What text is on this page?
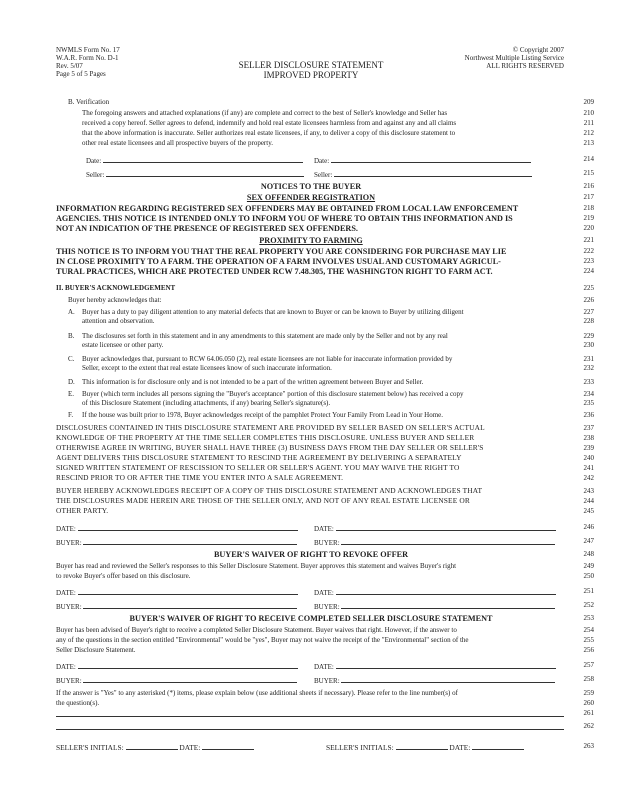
NWMLS Form No. 17
W.A.R. Form No. D-1
Rev. 5/07
Page 5 of 5 Pages
SELLER DISCLOSURE STATEMENT
IMPROVED PROPERTY
© Copyright 2007
Northwest Multiple Listing Service
ALL RIGHTS RESERVED
B. Verification
The foregoing answers and attached explanations (if any) are complete and correct to the best of Seller's knowledge and Seller has
received a copy hereof. Seller agrees to defend, indemnify and hold real estate licensees harmless from and against any and all claims
that the above information is inaccurate. Seller authorizes real estate licensees, if any, to deliver a copy of this disclosure statement to
other real estate licensees and all prospective buyers of the property.
Date:	Date:
Seller:	Seller:
NOTICES TO THE BUYER
SEX OFFENDER REGISTRATION
INFORMATION REGARDING REGISTERED SEX OFFENDERS MAY BE OBTAINED FROM LOCAL LAW ENFORCEMENT
AGENCIES. THIS NOTICE IS INTENDED ONLY TO INFORM YOU OF WHERE TO OBTAIN THIS INFORMATION AND IS
NOT AN INDICATION OF THE PRESENCE OF REGISTERED SEX OFFENDERS.
PROXIMITY TO FARMING
THIS NOTICE IS TO INFORM YOU THAT THE REAL PROPERTY YOU ARE CONSIDERING FOR PURCHASE MAY LIE
IN CLOSE PROXIMITY TO A FARM. THE OPERATION OF A FARM INVOLVES USUAL AND CUSTOMARY AGRICUL-
TURAL PRACTICES, WHICH ARE PROTECTED UNDER RCW 7.48.305, THE WASHINGTON RIGHT TO FARM ACT.
II. BUYER'S ACKNOWLEDGEMENT
Buyer hereby acknowledges that:
A. Buyer has a duty to pay diligent attention to any material defects that are known to Buyer or can be known to Buyer by utilizing diligent
attention and observation.
B. The disclosures set forth in this statement and in any amendments to this statement are made only by the Seller and not by any real
estate licensee or other party.
C. Buyer acknowledges that, pursuant to RCW 64.06.050 (2), real estate licensees are not liable for inaccurate information provided by
Seller, except to the extent that real estate licensees know of such inaccurate information.
D. This information is for disclosure only and is not intended to be a part of the written agreement between Buyer and Seller.
E. Buyer (which term includes all persons signing the "Buyer's acceptance" portion of this disclosure statement below) has received a copy
of this Disclosure Statement (including attachments, if any) bearing Seller's signature(s).
F. If the house was built prior to 1978, Buyer acknowledges receipt of the pamphlet Protect Your Family From Lead in Your Home.
DISCLOSURES CONTAINED IN THIS DISCLOSURE STATEMENT ARE PROVIDED BY SELLER BASED ON SELLER'S ACTUAL
KNOWLEDGE OF THE PROPERTY AT THE TIME SELLER COMPLETES THIS DISCLOSURE. UNLESS BUYER AND SELLER
OTHERWISE AGREE IN WRITING, BUYER SHALL HAVE THREE (3) BUSINESS DAYS FROM THE DAY SELLER OR SELLER'S
AGENT DELIVERS THIS DISCLOSURE STATEMENT TO RESCIND THE AGREEMENT BY DELIVERING A SEPARATELY
SIGNED WRITTEN STATEMENT OF RESCISSION TO SELLER OR SELLER'S AGENT. YOU MAY WAIVE THE RIGHT TO
RESCIND PRIOR TO OR AFTER THE TIME YOU ENTER INTO A SALE AGREEMENT.
BUYER HEREBY ACKNOWLEDGES RECEIPT OF A COPY OF THIS DISCLOSURE STATEMENT AND ACKNOWLEDGES THAT
THE DISCLOSURES MADE HEREIN ARE THOSE OF THE SELLER ONLY, AND NOT OF ANY REAL ESTATE LICENSEE OR
OTHER PARTY.
DATE:	DATE:
BUYER:	BUYER:
BUYER'S WAIVER OF RIGHT TO REVOKE OFFER
Buyer has read and reviewed the Seller's responses to this Seller Disclosure Statement. Buyer approves this statement and waives Buyer's right
to revoke Buyer's offer based on this disclosure.
DATE:	DATE:
BUYER:	BUYER:
BUYER'S WAIVER OF RIGHT TO RECEIVE COMPLETED SELLER DISCLOSURE STATEMENT
Buyer has been advised of Buyer's right to receive a completed Seller Disclosure Statement. Buyer waives that right. However, if the answer to
any of the questions in the section entitled "Environmental" would be "yes", Buyer may not waive the receipt of the "Environmental" section of the
Seller Disclosure Statement.
DATE:	DATE:
BUYER:	BUYER:
If the answer is "Yes" to any asterisked (*) items, please explain below (use additional sheets if necessary). Please refer to the line number(s) of
the question(s).
SELLER'S INITIALS:	DATE:	SELLER'S INITIALS:	DATE:
209
210
211
212
213
214
215
216
217
218
219
220
221
222
223
224
225
226
227
228
229
230
231
232
233
234
235
236
237
238
239
240
241
242
243
244
245
246
247
248
249
250
251
252
253
254
255
256
257
258
259
260
261
262
263
